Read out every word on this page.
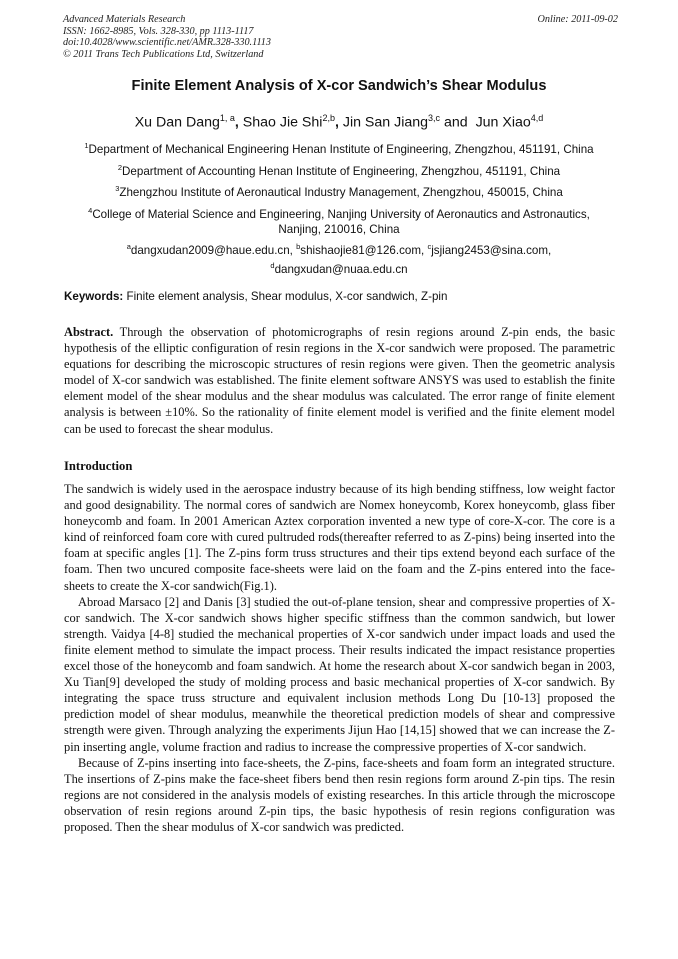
Advanced Materials Research
ISSN: 1662-8985, Vols. 328-330, pp 1113-1117
doi:10.4028/www.scientific.net/AMR.328-330.1113
© 2011 Trans Tech Publications Ltd, Switzerland
Online: 2011-09-02
Finite Element Analysis of X-cor Sandwich’s Shear Modulus
Xu Dan Dang$^{1, a}$, Shao Jie Shi$^{2,b}$, Jin San Jiang$^{3,c}$ and  Jun Xiao$^{4,d}$
$^1$Department of Mechanical Engineering Henan Institute of Engineering, Zhengzhou, 451191, China
$^2$Department of Accounting Henan Institute of Engineering, Zhengzhou, 451191, China
$^3$Zhengzhou Institute of Aeronautical Industry Management, Zhengzhou, 450015, China
$^4$College of Material Science and Engineering, Nanjing University of Aeronautics and Astronautics,
Nanjing, 210016, China
$^a$dangxudan2009@haue.edu.cn, $^b$shishaojie81@126.com, $^c$jsjiang2453@sina.com,
$^d$dangxudan@nuaa.edu.cn
Keywords: Finite element analysis, Shear modulus, X-cor sandwich, Z-pin

Abstract. Through the observation of photomicrographs of resin regions around Z-pin ends, the basic hypothesis of the elliptic configuration of resin regions in the X-cor sandwich were proposed. The parametric equations for describing the microscopic structures of resin regions were given. Then the geometric analysis model of X-cor sandwich was established. The finite element software ANSYS was used to establish the finite element model of the shear modulus and the shear modulus was calculated. The error range of finite element analysis is between ±10%. So the rationality of finite element model is verified and the finite element model can be used to forecast the shear modulus.

Introduction

The sandwich is widely used in the aerospace industry because of its high bending stiffness, low weight factor and good designability. The normal cores of sandwich are Nomex honeycomb, Korex honeycomb, glass fiber honeycomb and foam. In 2001 American Aztex corporation invented a new type of core-X-cor. The core is a kind of reinforced foam core with cured pultruded rods(thereafter referred to as Z-pins) being inserted into the foam at specific angles [1]. The Z-pins form truss structures and their tips extend beyond each surface of the foam. Then two uncured composite face-sheets were laid on the foam and the Z-pins entered into the face-sheets to create the X-cor sandwich(Fig.1).

Abroad Marsaco [2] and Danis [3] studied the out-of-plane tension, shear and compressive properties of X-cor sandwich. The X-cor sandwich shows higher specific stiffness than the common sandwich, but lower strength. Vaidya [4-8] studied the mechanical properties of X-cor sandwich under impact loads and used the finite element method to simulate the impact process. Their results indicated the impact resistance properties excel those of the honeycomb and foam sandwich. At home the research about X-cor sandwich began in 2003, Xu Tian[9] developed the study of molding process and basic mechanical properties of X-cor sandwich. By integrating the space truss structure and equivalent inclusion methods Long Du [10-13] proposed the prediction model of shear modulus, meanwhile the theoretical prediction models of shear and compressive strength were given. Through analyzing the experiments Jijun Hao [14,15] showed that we can increase the Z-pin inserting angle, volume fraction and radius to increase the compressive properties of X-cor sandwich.

Because of Z-pins inserting into face-sheets, the Z-pins, face-sheets and foam form an integrated structure. The insertions of Z-pins make the face-sheet fibers bend then resin regions form around Z-pin tips. The resin regions are not considered in the analysis models of existing researches. In this article through the microscope observation of resin regions around Z-pin tips, the basic hypothesis of resin regions configuration was proposed. Then the shear modulus of X-cor sandwich was predicted.
